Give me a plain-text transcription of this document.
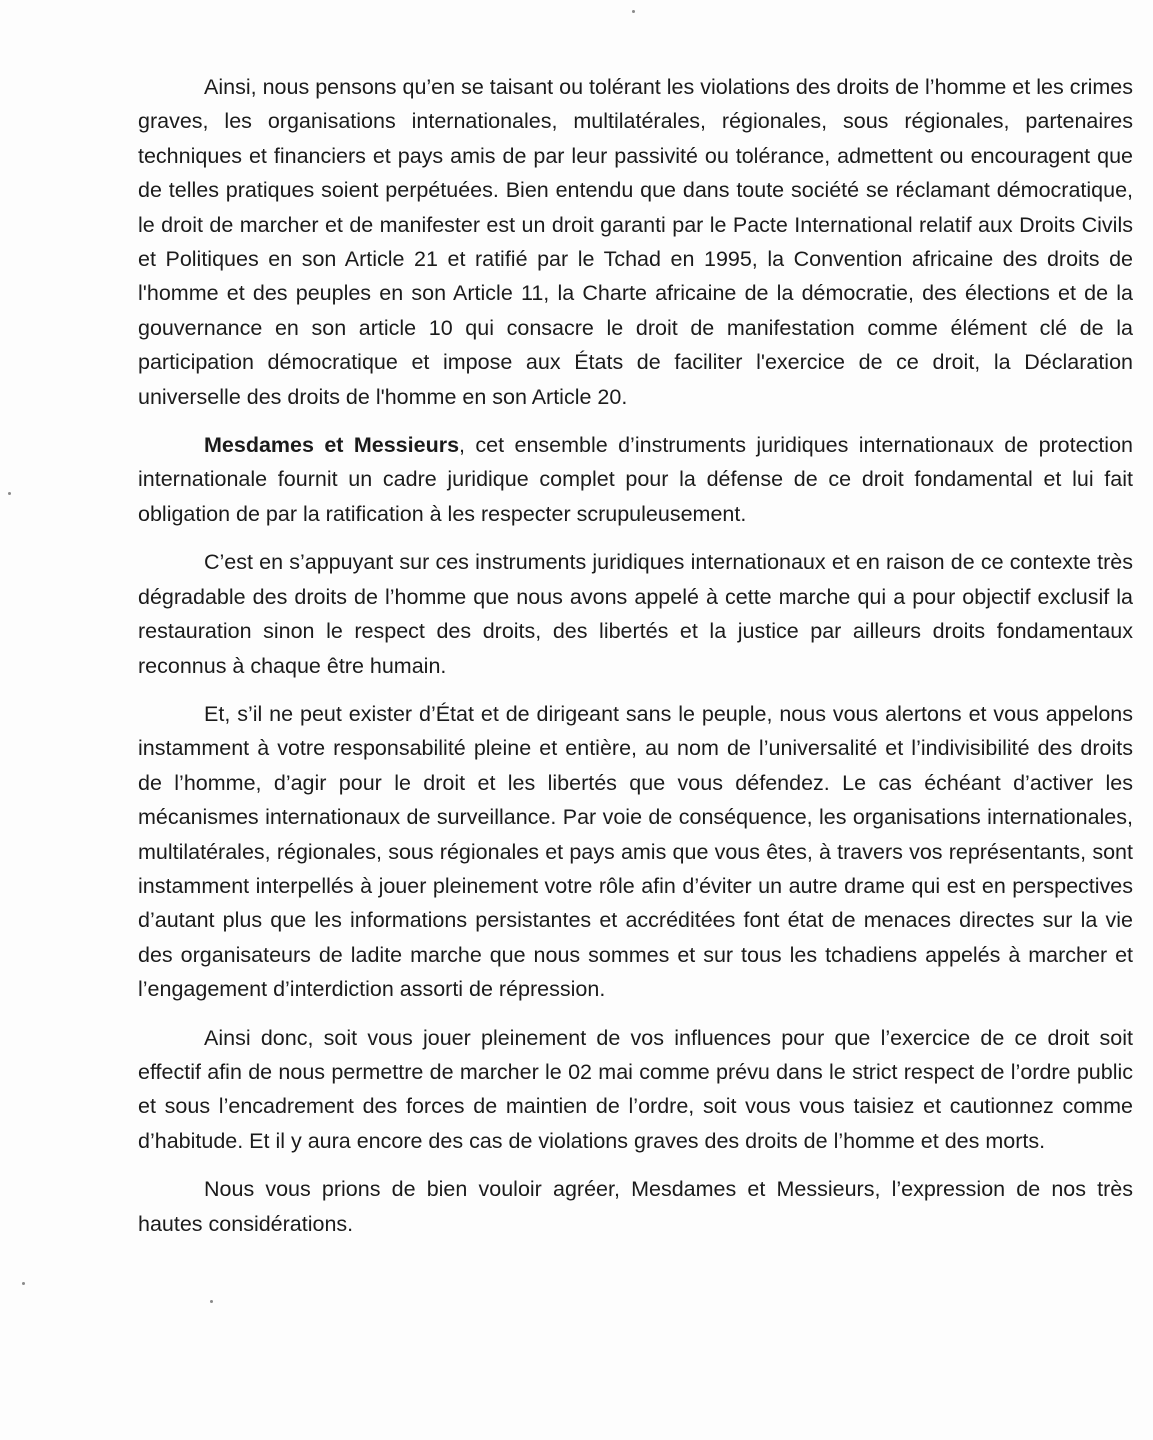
Ainsi, nous pensons qu’en se taisant ou tolérant les violations des droits de l’homme et les crimes graves, les organisations internationales, multilatérales, régionales, sous régionales, partenaires techniques et financiers et pays amis de par leur passivité ou tolérance, admettent ou encouragent que de telles pratiques soient perpétuées. Bien entendu que dans toute société se réclamant démocratique, le droit de marcher et de manifester est un droit garanti par le Pacte International relatif aux Droits Civils et Politiques en son Article 21 et ratifié par le Tchad en 1995, la Convention africaine des droits de l'homme et des peuples en son Article 11, la Charte africaine de la démocratie, des élections et de la gouvernance en son article 10 qui consacre le droit de manifestation comme élément clé de la participation démocratique et impose aux États de faciliter l'exercice de ce droit, la Déclaration universelle des droits de l'homme en son Article 20.

Mesdames et Messieurs, cet ensemble d’instruments juridiques internationaux de protection internationale fournit un cadre juridique complet pour la défense de ce droit fondamental et lui fait obligation de par la ratification à les respecter scrupuleusement.

C’est en s’appuyant sur ces instruments juridiques internationaux et en raison de ce contexte très dégradable des droits de l’homme que nous avons appelé à cette marche qui a pour objectif exclusif la restauration sinon le respect des droits, des libertés et la justice par ailleurs droits fondamentaux reconnus à chaque être humain.

Et, s’il ne peut exister d’État et de dirigeant sans le peuple, nous vous alertons et vous appelons instamment à votre responsabilité pleine et entière, au nom de l’universalité et l’indivisibilité des droits de l’homme, d’agir pour le droit et les libertés que vous défendez. Le cas échéant d’activer les mécanismes internationaux de surveillance. Par voie de conséquence, les organisations internationales, multilatérales, régionales, sous régionales et pays amis que vous êtes, à travers vos représentants, sont instamment interpellés à jouer pleinement votre rôle afin d’éviter un autre drame qui est en perspectives d’autant plus que les informations persistantes et accréditées font état de menaces directes sur la vie des organisateurs de ladite marche que nous sommes et sur tous les tchadiens appelés à marcher et l’engagement d’interdiction assorti de répression.

Ainsi donc, soit vous jouer pleinement de vos influences pour que l’exercice de ce droit soit effectif afin de nous permettre de marcher le 02 mai comme prévu dans le strict respect de l’ordre public et sous l’encadrement des forces de maintien de l’ordre, soit vous vous taisiez et cautionnez comme d’habitude. Et il y aura encore des cas de violations graves des droits de l’homme et des morts.

Nous vous prions de bien vouloir agréer, Mesdames et Messieurs, l’expression de nos très hautes considérations.
